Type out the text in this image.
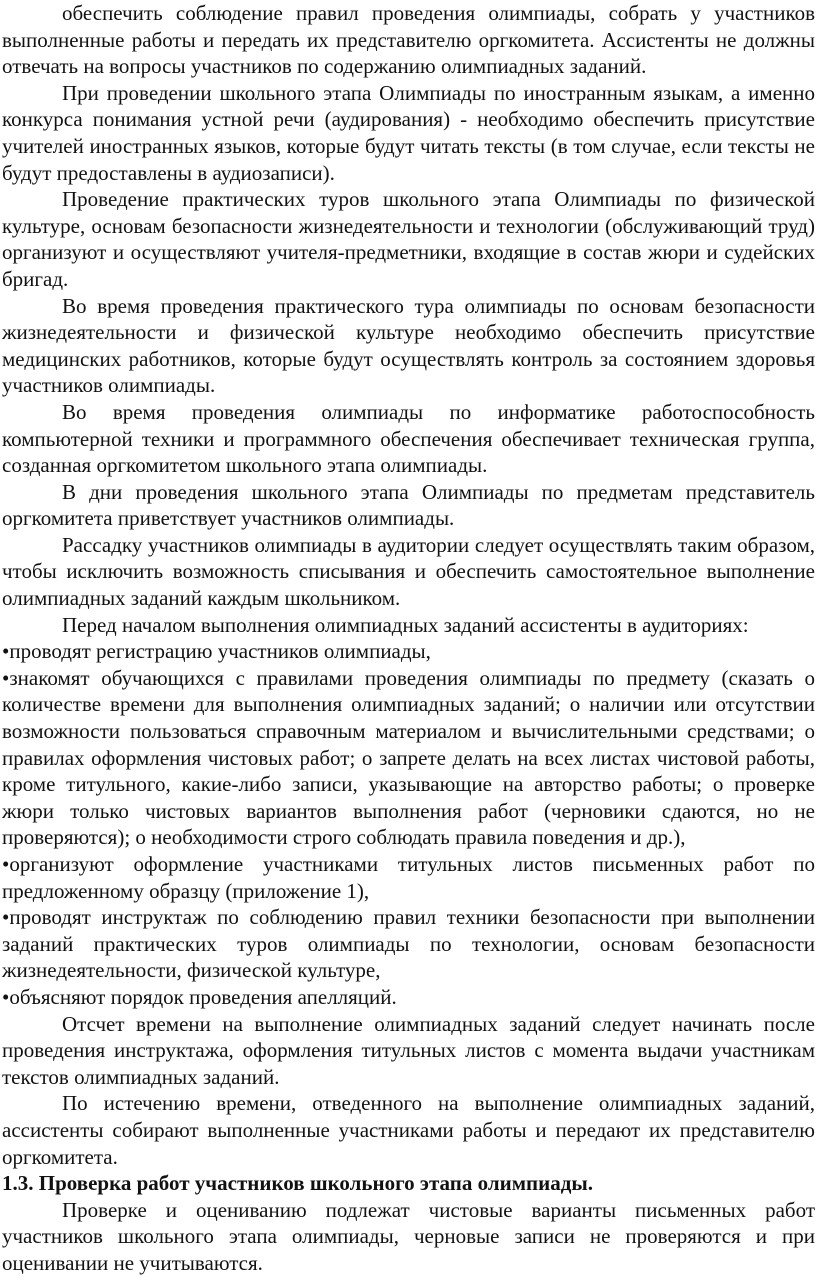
обеспечить соблюдение правил проведения олимпиады, собрать у участников выполненные работы и передать их представителю оргкомитета. Ассистенты не должны отвечать на вопросы участников по содержанию олимпиадных заданий.

При проведении школьного этапа Олимпиады по иностранным языкам, а именно конкурса понимания устной речи (аудирования) - необходимо обеспечить присутствие учителей иностранных языков, которые будут читать тексты (в том случае, если тексты не будут предоставлены в аудиозаписи).

Проведение практических туров школьного этапа Олимпиады по физической культуре, основам безопасности жизнедеятельности и технологии (обслуживающий труд) организуют и осуществляют учителя-предметники, входящие в состав жюри и судейских бригад.

Во время проведения практического тура олимпиады по основам безопасности жизнедеятельности и физической культуре необходимо обеспечить присутствие медицинских работников, которые будут осуществлять контроль за состоянием здоровья участников олимпиады.

Во время проведения олимпиады по информатике работоспособность компьютерной техники и программного обеспечения обеспечивает техническая группа, созданная оргкомитетом школьного этапа олимпиады.

В дни проведения школьного этапа Олимпиады по предметам представитель оргкомитета приветствует участников олимпиады.

Рассадку участников олимпиады в аудитории следует осуществлять таким образом, чтобы исключить возможность списывания и обеспечить самостоятельное выполнение олимпиадных заданий каждым школьником.

Перед началом выполнения олимпиадных заданий ассистенты в аудиториях:

•проводят регистрацию участников олимпиады,

•знакомят обучающихся с правилами проведения олимпиады по предмету (сказать о количестве времени для выполнения олимпиадных заданий; о наличии или отсутствии возможности пользоваться справочным материалом и вычислительными средствами; о правилах оформления чистовых работ; о запрете делать на всех листах чистовой работы, кроме титульного, какие-либо записи, указывающие на авторство работы; о проверке жюри только чистовых вариантов выполнения работ (черновики сдаются, но не проверяются); о необходимости строго соблюдать правила поведения и др.),

•организуют оформление участниками титульных листов письменных работ по предложенному образцу (приложение 1),

•проводят инструктаж по соблюдению правил техники безопасности при выполнении заданий практических туров олимпиады по технологии, основам безопасности жизнедеятельности, физической культуре,

•объясняют порядок проведения апелляций.

Отсчет времени на выполнение олимпиадных заданий следует начинать после проведения инструктажа, оформления титульных листов с момента выдачи участникам текстов олимпиадных заданий.

По истечению времени, отведенного на выполнение олимпиадных заданий, ассистенты собирают выполненные участниками работы и передают их представителю оргкомитета.

1.3. Проверка работ участников школьного этапа олимпиады.

Проверке и оцениванию подлежат чистовые варианты письменных работ участников школьного этапа олимпиады, черновые записи не проверяются и при оценивании не учитываются.
